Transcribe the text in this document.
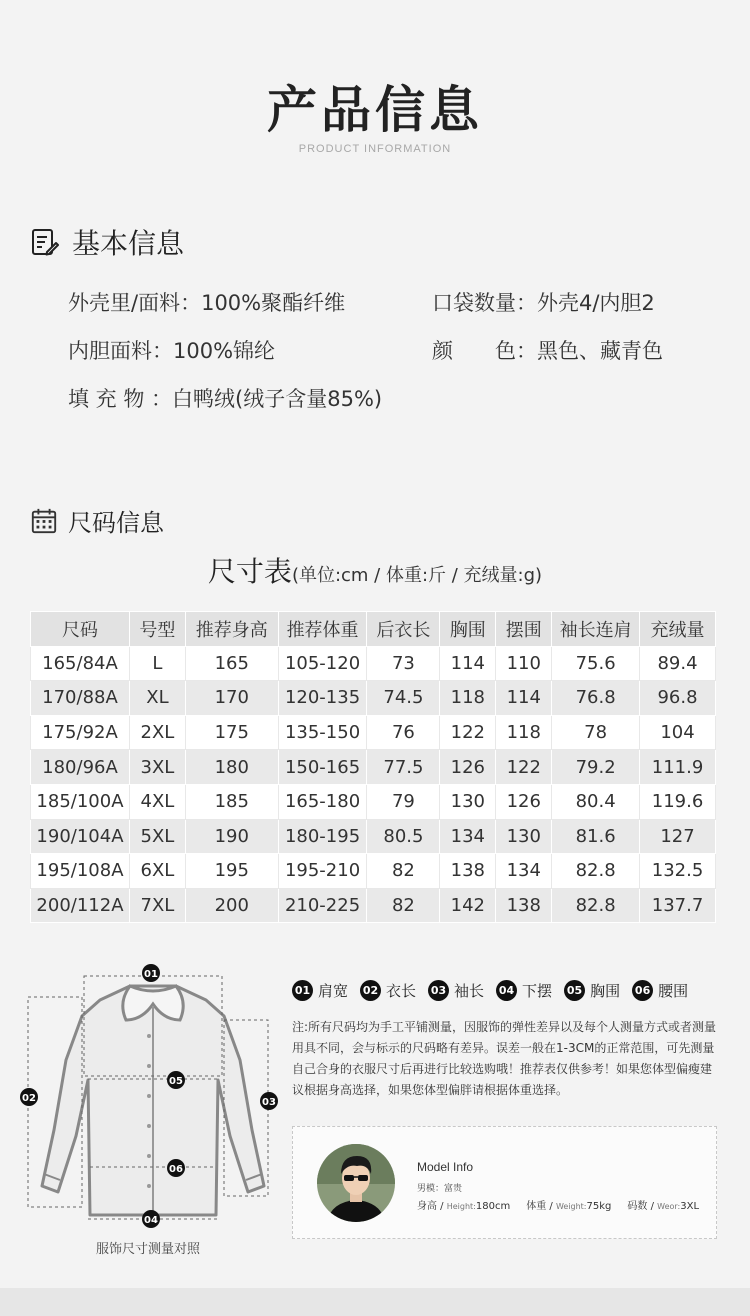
产品信息
PRODUCT INFORMATION
基本信息
外壳里/面料：100%聚酯纤维	口袋数量：外壳4/内胆2
内胆面料：100%锦纶	颜　　色：黑色、藏青色
填 充 物 ：白鸭绒(绒子含量85%)
尺码信息
尺寸表(单位:cm / 体重:斤 / 充绒量:g)
尺码	号型	推荐身高	推荐体重	后衣长	胸围	摆围	袖长连肩	充绒量
165/84A	L	165	105-120	73	114	110	75.6	89.4
170/88A	XL	170	120-135	74.5	118	114	76.8	96.8
175/92A	2XL	175	135-150	76	122	118	78	104
180/96A	3XL	180	150-165	77.5	126	122	79.2	111.9
185/100A	4XL	185	165-180	79	130	126	80.4	119.6
190/104A	5XL	190	180-195	80.5	134	130	81.6	127
195/108A	6XL	195	195-210	82	138	134	82.8	132.5
200/112A	7XL	200	210-225	82	142	138	82.8	137.7
01
02	03
04
05
06
服饰尺寸测量对照
01 肩宽 02 衣长 03 袖长 04 下摆 05 胸围 06 腰围
注:所有尺码均为手工平铺测量，因服饰的弹性差异以及每个人测量方式或者测量用具不同，会与标示的尺码略有差异。误差一般在1-3CM的正常范围，可先测量自己合身的衣服尺寸后再进行比较选购哦！推荐表仅供参考！如果您体型偏瘦建议根据身高选择，如果您体型偏胖请根据体重选择。
Model Info
男模：富贵
身高 / Height:180cm 体重 / Weight:75kg 码数 / Weor:3XL
